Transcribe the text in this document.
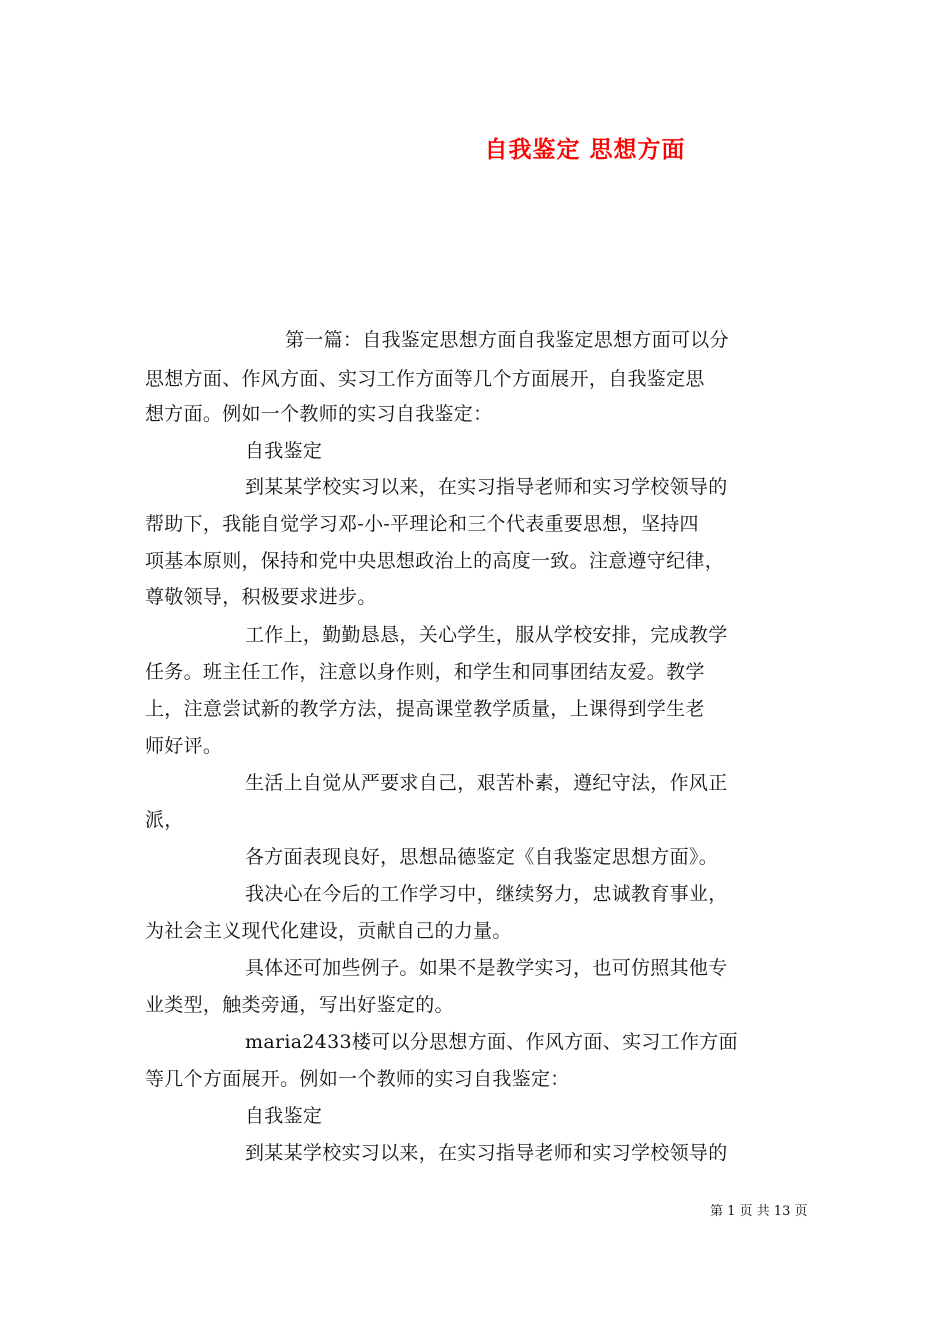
自我鉴定 思想方面
第一篇：自我鉴定思想方面自我鉴定思想方面可以分
思想方面、作风方面、实习工作方面等几个方面展开，自我鉴定思
想方面。例如一个教师的实习自我鉴定：
自我鉴定
到某某学校实习以来，在实习指导老师和实习学校领导的
帮助下，我能自觉学习邓-小-平理论和三个代表重要思想，坚持四
项基本原则，保持和党中央思想政治上的高度一致。注意遵守纪律，
尊敬领导，积极要求进步。
工作上，勤勤恳恳，关心学生，服从学校安排，完成教学
任务。班主任工作，注意以身作则，和学生和同事团结友爱。教学
上，注意尝试新的教学方法，提高课堂教学质量，上课得到学生老
师好评。
生活上自觉从严要求自己，艰苦朴素，遵纪守法，作风正
派，
各方面表现良好，思想品德鉴定《自我鉴定思想方面》。
我决心在今后的工作学习中，继续努力，忠诚教育事业，
为社会主义现代化建设，贡献自己的力量。
具体还可加些例子。如果不是教学实习，也可仿照其他专
业类型，触类旁通，写出好鉴定的。
maria2433楼可以分思想方面、作风方面、实习工作方面
等几个方面展开。例如一个教师的实习自我鉴定：
自我鉴定
到某某学校实习以来，在实习指导老师和实习学校领导的
第 1 页 共 13 页
